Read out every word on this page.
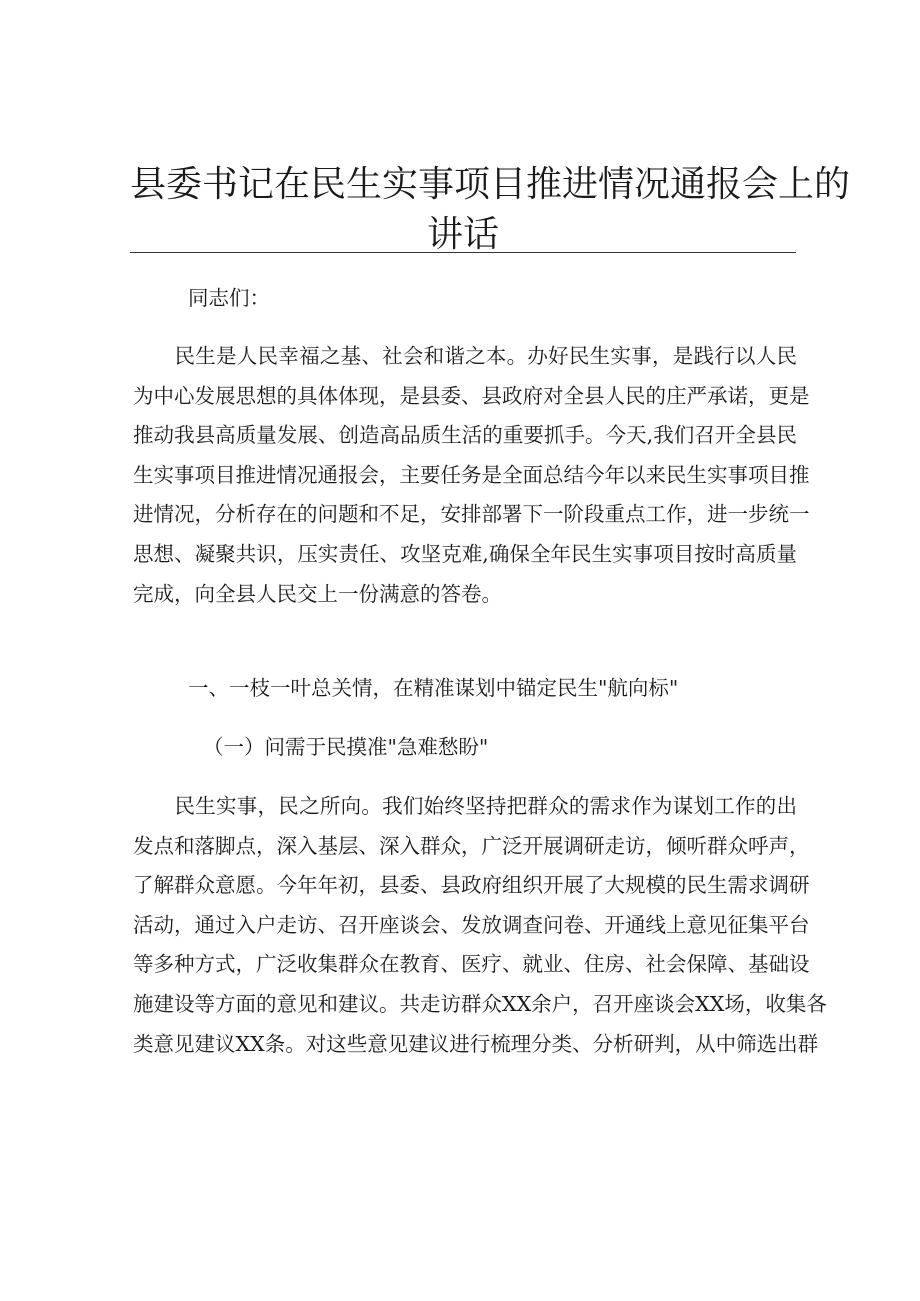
县委书记在民生实事项目推进情况通报会上的
讲话

同志们：

　　民生是人民幸福之基、社会和谐之本。办好民生实事，是践行以人民
为中心发展思想的具体体现，是县委、县政府对全县人民的庄严承诺，更是
推动我县高质量发展、创造高品质生活的重要抓手。今天,我们召开全县民
生实事项目推进情况通报会，主要任务是全面总结今年以来民生实事项目推
进情况，分析存在的问题和不足，安排部署下一阶段重点工作，进一步统一
思想、凝聚共识，压实责任、攻坚克难,确保全年民生实事项目按时高质量
完成，向全县人民交上一份满意的答卷。

一、一枝一叶总关情，在精准谋划中锚定民生"航向标"

（一）问需于民摸准"急难愁盼"

　　民生实事，民之所向。我们始终坚持把群众的需求作为谋划工作的出
发点和落脚点，深入基层、深入群众，广泛开展调研走访，倾听群众呼声，
了解群众意愿。今年年初，县委、县政府组织开展了大规模的民生需求调研
活动，通过入户走访、召开座谈会、发放调查问卷、开通线上意见征集平台
等多种方式，广泛收集群众在教育、医疗、就业、住房、社会保障、基础设
施建设等方面的意见和建议。共走访群众XX余户，召开座谈会XX场，收集各
类意见建议XX条。对这些意见建议进行梳理分类、分析研判，从中筛选出群
